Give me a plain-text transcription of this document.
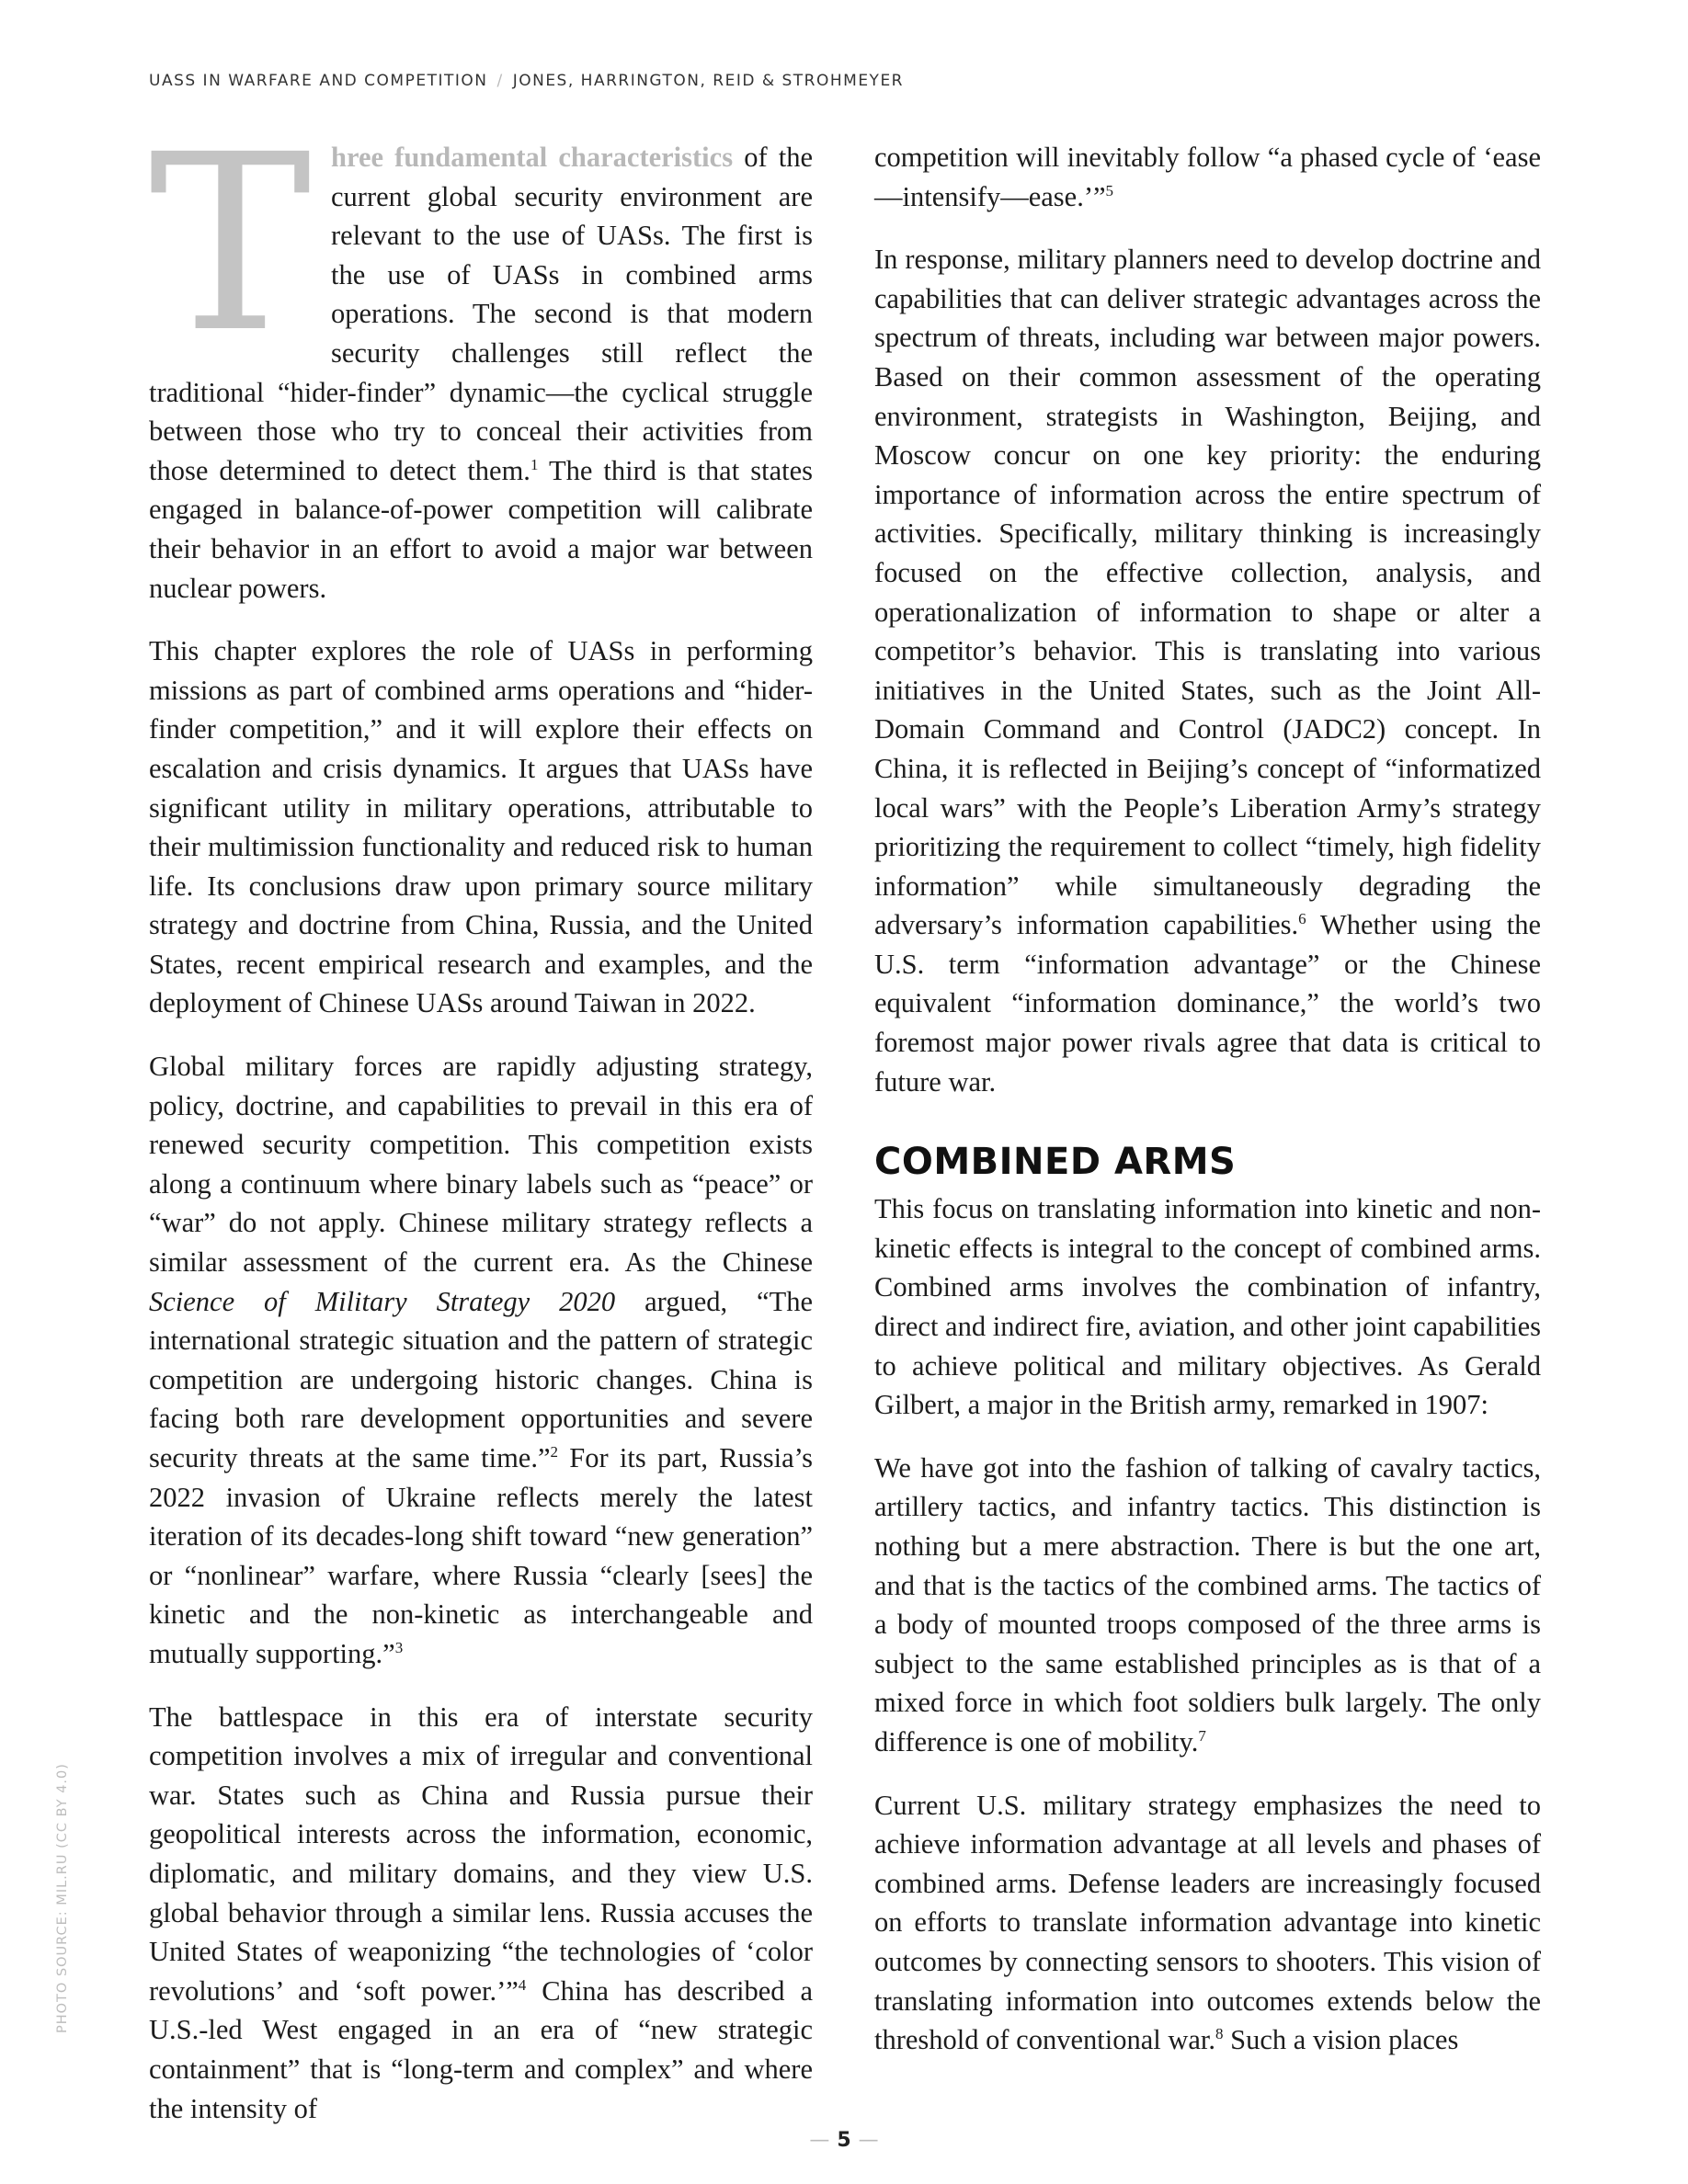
UASS IN WARFARE AND COMPETITION / JONES, HARRINGTON, REID & STROHMEYER

Three fundamental characteristics of the current global security environment are relevant to the use of UASs. The first is the use of UASs in combined arms operations. The second is that modern security challenges still reflect the traditional “hider-finder” dynamic—the cyclical struggle between those who try to conceal their activities from those determined to detect them.$^1$ The third is that states engaged in balance-of-power competition will calibrate their behavior in an effort to avoid a major war between nuclear powers.

This chapter explores the role of UASs in performing missions as part of combined arms operations and “hider-finder competition,” and it will explore their effects on escalation and crisis dynamics. It argues that UASs have significant utility in military operations, attributable to their multimission functionality and reduced risk to human life. Its conclusions draw upon primary source military strategy and doctrine from China, Russia, and the United States, recent empirical research and examples, and the deployment of Chinese UASs around Taiwan in 2022.

Global military forces are rapidly adjusting strategy, policy, doctrine, and capabilities to prevail in this era of renewed security competition. This competition exists along a continuum where binary labels such as “peace” or “war” do not apply. Chinese military strategy reflects a similar assessment of the current era. As the Chinese Science of Military Strategy 2020 argued, “The international strategic situation and the pattern of strategic competition are undergoing historic changes. China is facing both rare development opportunities and severe security threats at the same time.”$^2$ For its part, Russia’s 2022 invasion of Ukraine reflects merely the latest iteration of its decades-long shift toward “new generation” or “nonlinear” warfare, where Russia “clearly [sees] the kinetic and the non-kinetic as interchangeable and mutually supporting.”$^3$

The battlespace in this era of interstate security competition involves a mix of irregular and conventional war. States such as China and Russia pursue their geopolitical interests across the information, economic, diplomatic, and military domains, and they view U.S. global behavior through a similar lens. Russia accuses the United States of weaponizing “the technologies of ‘color revolutions’ and ‘soft power.’”$^4$ China has described a U.S.-led West engaged in an era of “new strategic containment” that is “long-term and complex” and where the intensity of

competition will inevitably follow “a phased cycle of ‘ease—intensify—ease.’”$^5$

In response, military planners need to develop doctrine and capabilities that can deliver strategic advantages across the spectrum of threats, including war between major powers. Based on their common assessment of the operating environment, strategists in Washington, Beijing, and Moscow concur on one key priority: the enduring importance of information across the entire spectrum of activities. Specifically, military thinking is increasingly focused on the effective collection, analysis, and operationalization of information to shape or alter a competitor’s behavior. This is translating into various initiatives in the United States, such as the Joint All-Domain Command and Control (JADC2) concept. In China, it is reflected in Beijing’s concept of “informatized local wars” with the People’s Liberation Army’s strategy prioritizing the requirement to collect “timely, high fidelity information” while simultaneously degrading the adversary’s information capabilities.$^6$ Whether using the U.S. term “information advantage” or the Chinese equivalent “information dominance,” the world’s two foremost major power rivals agree that data is critical to future war.

COMBINED ARMS

This focus on translating information into kinetic and non-kinetic effects is integral to the concept of combined arms. Combined arms involves the combination of infantry, direct and indirect fire, aviation, and other joint capabilities to achieve political and military objectives. As Gerald Gilbert, a major in the British army, remarked in 1907:

We have got into the fashion of talking of cavalry tactics, artillery tactics, and infantry tactics. This distinction is nothing but a mere abstraction. There is but the one art, and that is the tactics of the combined arms. The tactics of a body of mounted troops composed of the three arms is subject to the same established principles as is that of a mixed force in which foot soldiers bulk largely. The only difference is one of mobility.$^7$

Current U.S. military strategy emphasizes the need to achieve information advantage at all levels and phases of combined arms. Defense leaders are increasingly focused on efforts to translate information advantage into kinetic outcomes by connecting sensors to shooters. This vision of translating information into outcomes extends below the threshold of conventional war.$^8$ Such a vision places

PHOTO SOURCE: MIL.RU (CC BY 4.0)
— 5 —
